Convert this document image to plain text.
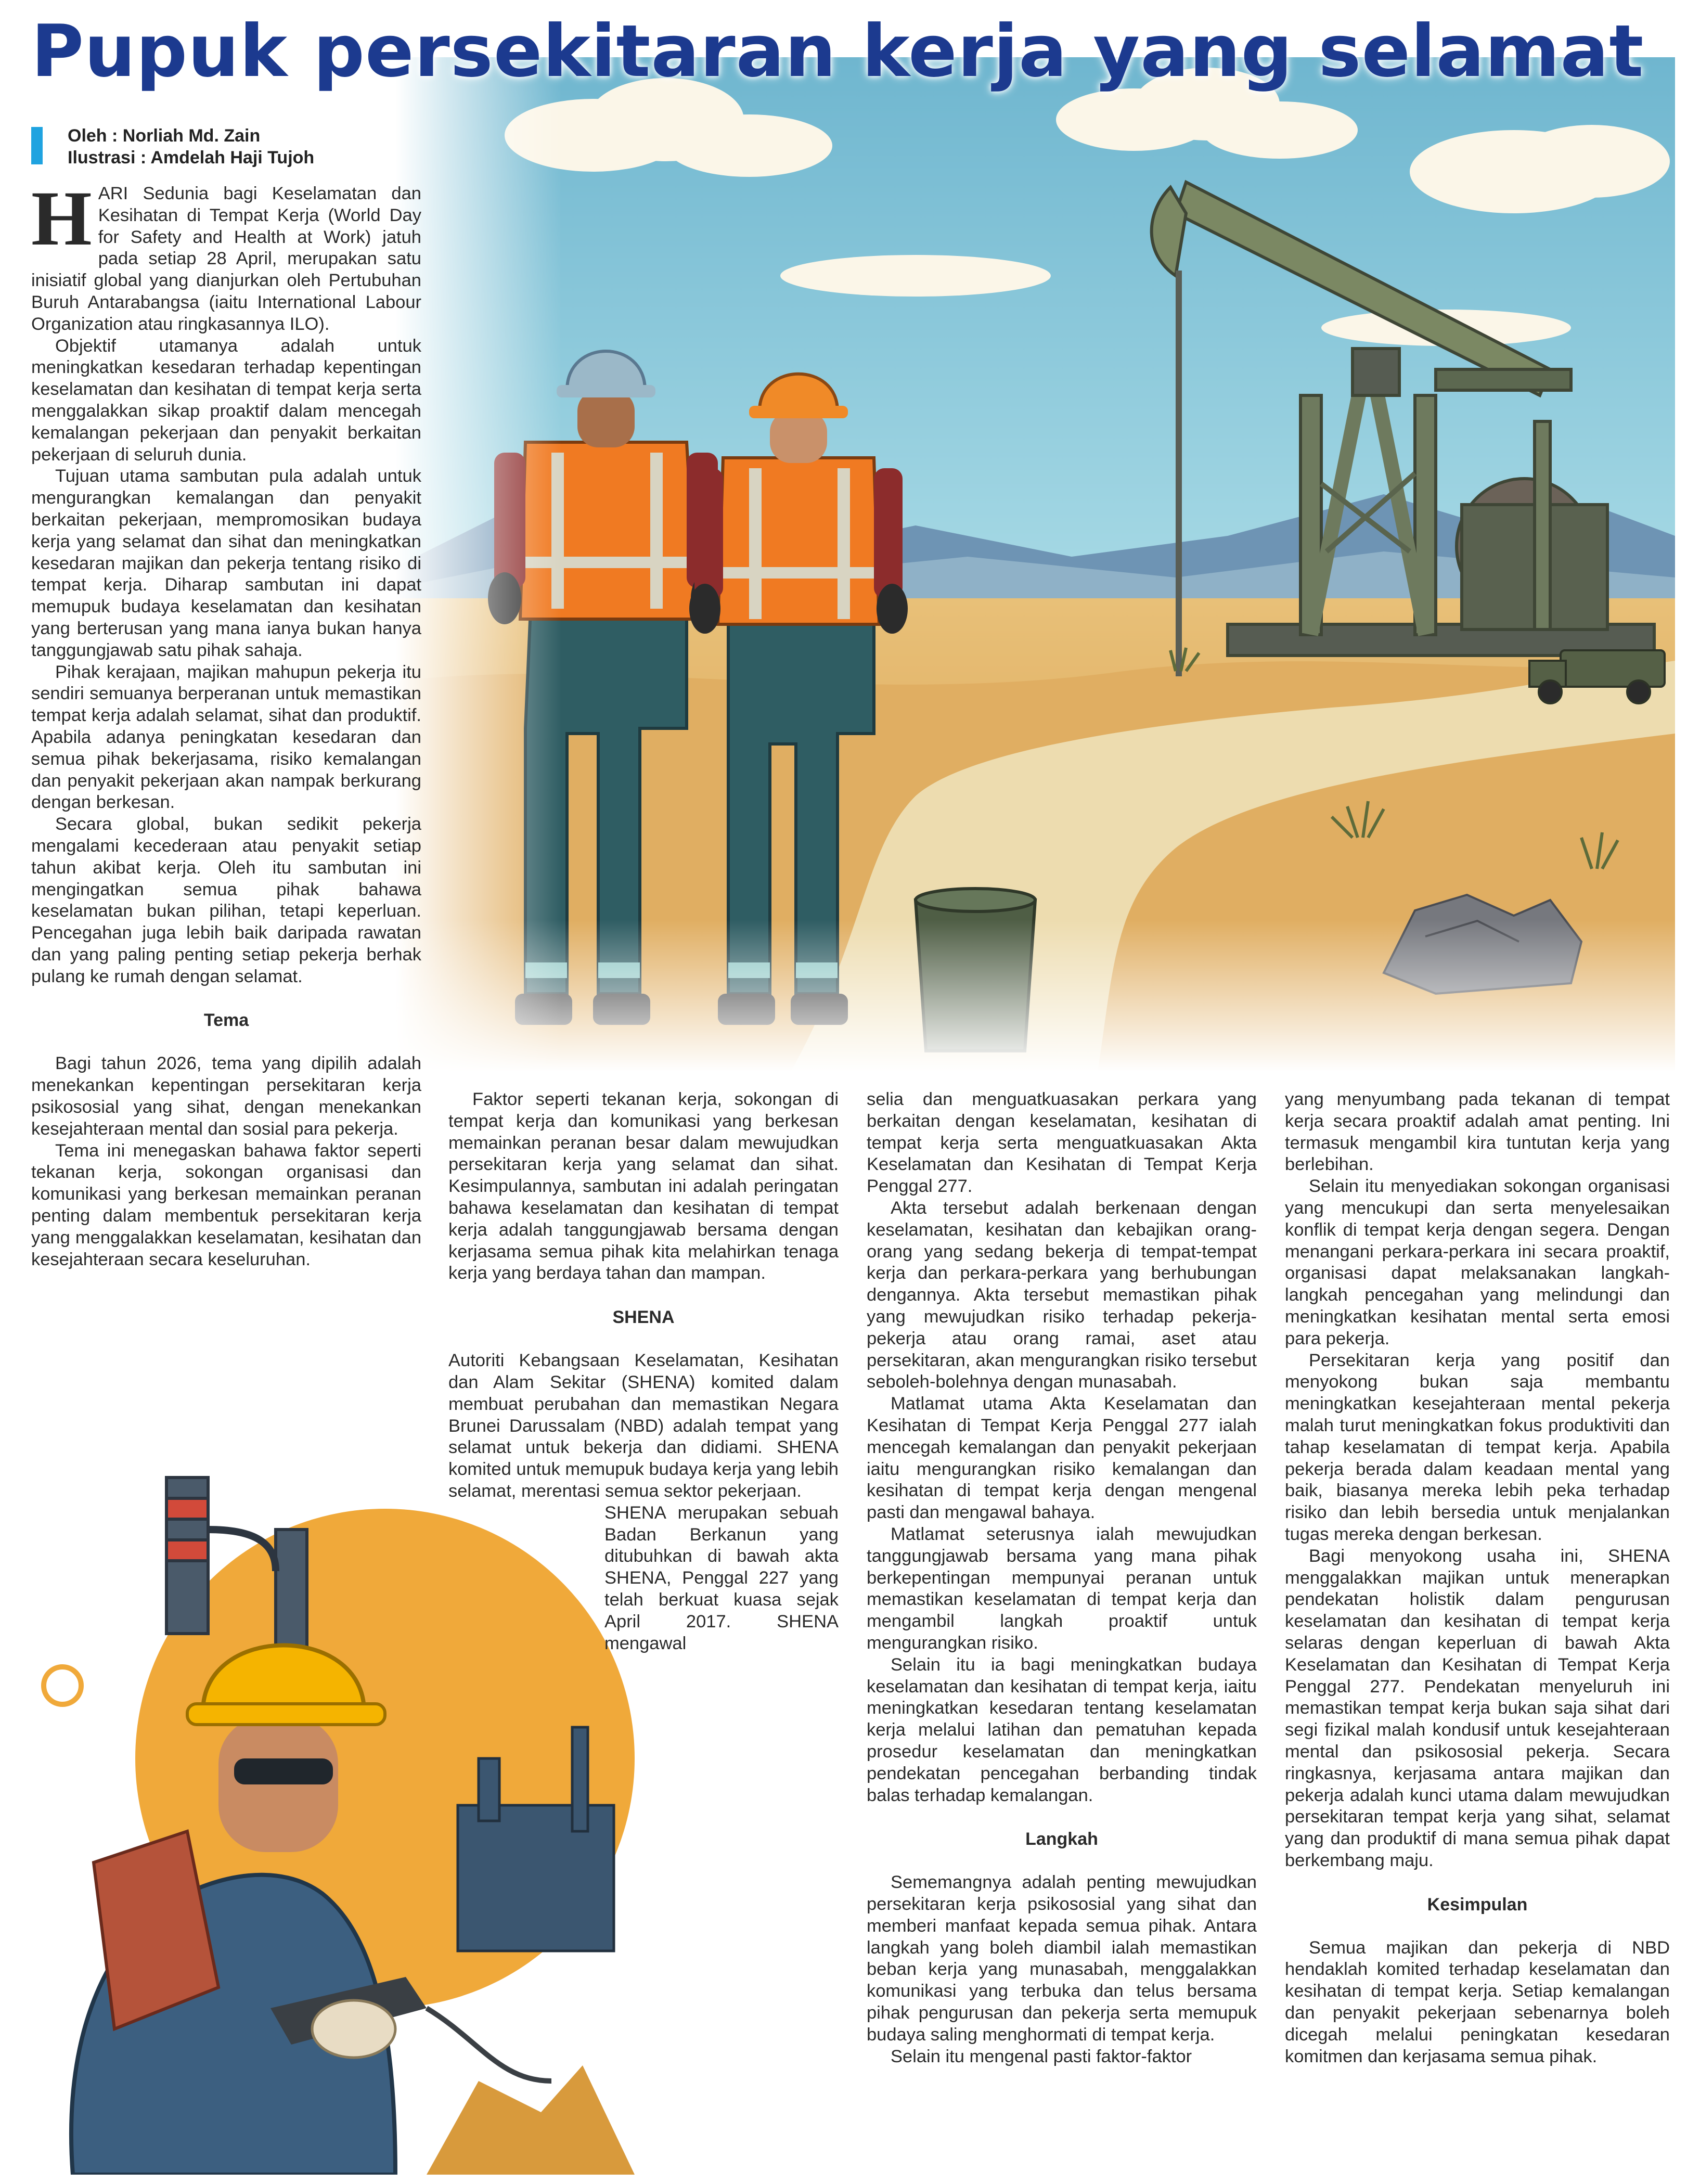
Pupuk persekitaran kerja yang selamat
Oleh : Norliah Md. Zain
Ilustrasi : Amdelah Haji Tujoh

HARI Sedunia bagi Keselamatan dan Kesihatan di Tempat Kerja (World Day for Safety and Health at Work) jatuh pada setiap 28 April, merupakan satu inisiatif global yang dianjurkan oleh Pertubuhan Buruh Antarabangsa (iaitu International Labour Organization atau ringkasannya ILO).

Objektif utamanya adalah untuk meningkatkan kesedaran terhadap kepentingan keselamatan dan kesihatan di tempat kerja serta menggalakkan sikap proaktif dalam mencegah kemalangan pekerjaan dan penyakit berkaitan pekerjaan di seluruh dunia.

Tujuan utama sambutan pula adalah untuk mengurangkan kemalangan dan penyakit berkaitan pekerjaan, mempromosikan budaya kerja yang selamat dan sihat dan meningkatkan kesedaran majikan dan pekerja tentang risiko di tempat kerja. Diharap sambutan ini dapat memupuk budaya keselamatan dan kesihatan yang berterusan yang mana ianya bukan hanya tanggungjawab satu pihak sahaja.

Pihak kerajaan, majikan mahupun pekerja itu sendiri semuanya berperanan untuk memastikan tempat kerja adalah selamat, sihat dan produktif. Apabila adanya peningkatan kesedaran dan semua pihak bekerjasama, risiko kemalangan dan penyakit pekerjaan akan nampak berkurang dengan berkesan.

Secara global, bukan sedikit pekerja mengalami kecederaan atau penyakit setiap tahun akibat kerja. Oleh itu sambutan ini mengingatkan semua pihak bahawa keselamatan bukan pilihan, tetapi keperluan. Pencegahan juga lebih baik daripada rawatan dan yang paling penting setiap pekerja berhak pulang ke rumah dengan selamat.

Tema

Bagi tahun 2026, tema yang dipilih adalah menekankan kepentingan persekitaran kerja psikososial yang sihat, dengan menekankan kesejahteraan mental dan sosial para pekerja.

Tema ini menegaskan bahawa faktor seperti tekanan kerja, sokongan organisasi dan komunikasi yang berkesan memainkan peranan penting dalam membentuk persekitaran kerja yang menggalakkan keselamatan, kesihatan dan kesejahteraan secara keseluruhan.

Faktor seperti tekanan kerja, sokongan di tempat kerja dan komunikasi yang berkesan memainkan peranan besar dalam mewujudkan persekitaran kerja yang selamat dan sihat. Kesimpulannya, sambutan ini adalah peringatan bahawa keselamatan dan kesihatan di tempat kerja adalah tanggungjawab bersama dengan kerjasama semua pihak kita melahirkan tenaga kerja yang berdaya tahan dan mampan.

SHENA

Autoriti Kebangsaan Keselamatan, Kesihatan dan Alam Sekitar (SHENA) komited dalam membuat perubahan dan memastikan Negara Brunei Darussalam (NBD) adalah tempat yang selamat untuk bekerja dan didiami. SHENA komited untuk memupuk budaya kerja yang lebih selamat, merentasi semua sektor pekerjaan.

SHENA merupakan sebuah Badan Berkanun yang ditubuhkan di bawah akta SHENA, Penggal 227 yang telah berkuat kuasa sejak April 2017. SHENA mengawal

selia dan menguatkuasakan perkara yang berkaitan dengan keselamatan, kesihatan di tempat kerja serta menguatkuasakan Akta Keselamatan dan Kesihatan di Tempat Kerja Penggal 277.

Akta tersebut adalah berkenaan dengan keselamatan, kesihatan dan kebajikan orang-orang yang sedang bekerja di tempat-tempat kerja dan perkara-perkara yang berhubungan dengannya. Akta tersebut memastikan pihak yang mewujudkan risiko terhadap pekerja-pekerja atau orang ramai, aset atau persekitaran, akan mengurangkan risiko tersebut seboleh-bolehnya dengan munasabah.

Matlamat utama Akta Keselamatan dan Kesihatan di Tempat Kerja Penggal 277 ialah mencegah kemalangan dan penyakit pekerjaan iaitu mengurangkan risiko kemalangan dan kesihatan di tempat kerja dengan mengenal pasti dan mengawal bahaya.

Matlamat seterusnya ialah mewujudkan tanggungjawab bersama yang mana pihak berkepentingan mempunyai peranan untuk memastikan keselamatan di tempat kerja dan mengambil langkah proaktif untuk mengurangkan risiko.

Selain itu ia bagi meningkatkan budaya keselamatan dan kesihatan di tempat kerja, iaitu meningkatkan kesedaran tentang keselamatan kerja melalui latihan dan pematuhan kepada prosedur keselamatan dan meningkatkan pendekatan pencegahan berbanding tindak balas terhadap kemalangan.

Langkah

Sememangnya adalah penting mewujudkan persekitaran kerja psikososial yang sihat dan memberi manfaat kepada semua pihak. Antara langkah yang boleh diambil ialah memastikan beban kerja yang munasabah, menggalakkan komunikasi yang terbuka dan telus bersama pihak pengurusan dan pekerja serta memupuk budaya saling menghormati di tempat kerja.

Selain itu mengenal pasti faktor-faktor

yang menyumbang pada tekanan di tempat kerja secara proaktif adalah amat penting. Ini termasuk mengambil kira tuntutan kerja yang berlebihan.

Selain itu menyediakan sokongan organisasi yang mencukupi dan serta menyelesaikan konflik di tempat kerja dengan segera. Dengan menangani perkara-perkara ini secara proaktif, organisasi dapat melaksanakan langkah-langkah pencegahan yang melindungi dan meningkatkan kesihatan mental serta emosi para pekerja.

Persekitaran kerja yang positif dan menyokong bukan saja membantu meningkatkan kesejahteraan mental pekerja malah turut meningkatkan fokus produktiviti dan tahap keselamatan di tempat kerja. Apabila pekerja berada dalam keadaan mental yang baik, biasanya mereka lebih peka terhadap risiko dan lebih bersedia untuk menjalankan tugas mereka dengan berkesan.

Bagi menyokong usaha ini, SHENA menggalakkan majikan untuk menerapkan pendekatan holistik dalam pengurusan keselamatan dan kesihatan di tempat kerja selaras dengan keperluan di bawah Akta Keselamatan dan Kesihatan di Tempat Kerja Penggal 277. Pendekatan menyeluruh ini memastikan tempat kerja bukan saja sihat dari segi fizikal malah kondusif untuk kesejahteraan mental dan psikososial pekerja. Secara ringkasnya, kerjasama antara majikan dan pekerja adalah kunci utama dalam mewujudkan persekitaran tempat kerja yang sihat, selamat yang dan produktif di mana semua pihak dapat berkembang maju.

Kesimpulan

Semua majikan dan pekerja di NBD hendaklah komited terhadap keselamatan dan kesihatan di tempat kerja. Setiap kemalangan dan penyakit pekerjaan sebenarnya boleh dicegah melalui peningkatan kesedaran komitmen dan kerjasama semua pihak.
